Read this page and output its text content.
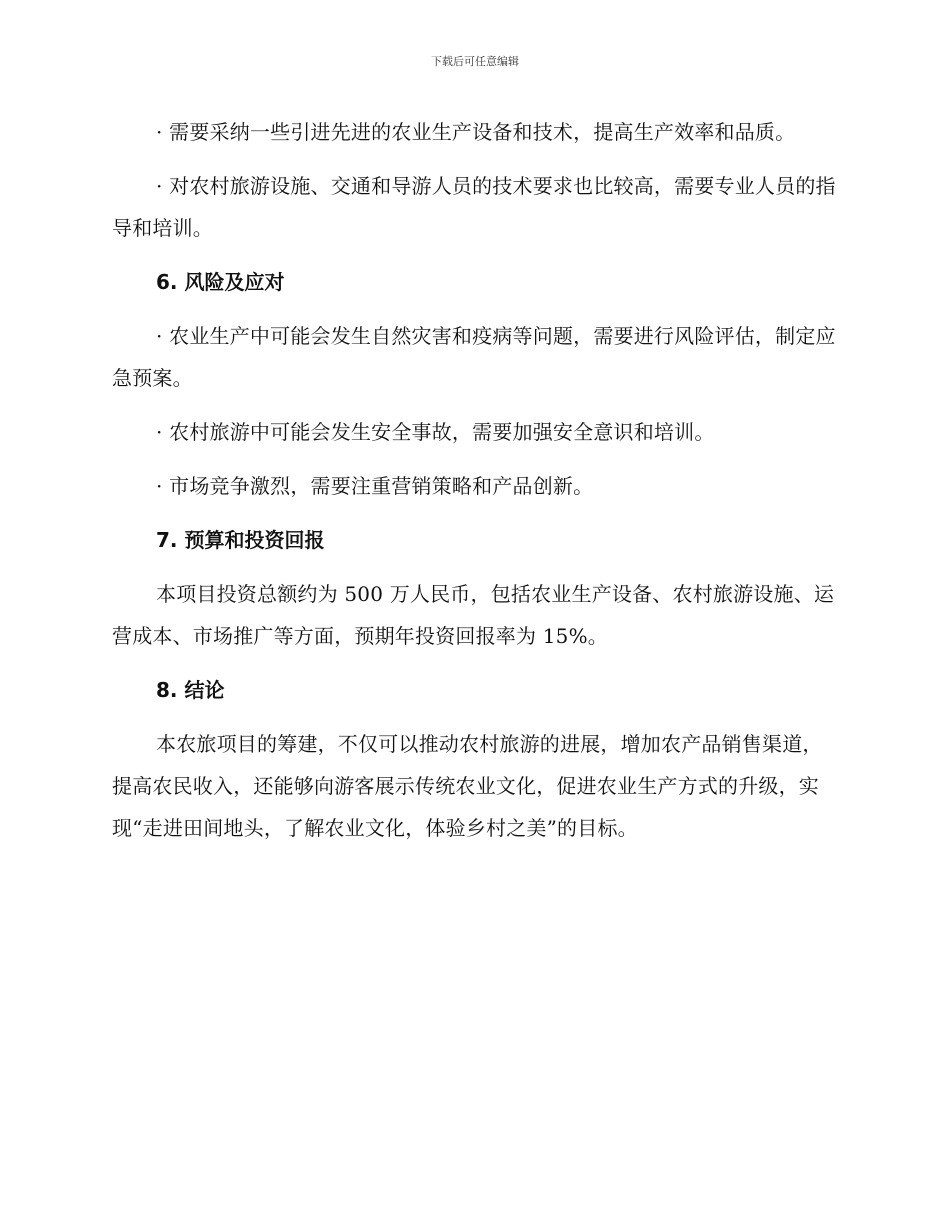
下载后可任意编辑

· 需要采纳一些引进先进的农业生产设备和技术，提高生产效率和品质。

· 对农村旅游设施、交通和导游人员的技术要求也比较高，需要专业人员的指导和培训。

6. 风险及应对

· 农业生产中可能会发生自然灾害和疫病等问题，需要进行风险评估，制定应急预案。

· 农村旅游中可能会发生安全事故，需要加强安全意识和培训。

· 市场竞争激烈，需要注重营销策略和产品创新。

7. 预算和投资回报

本项目投资总额约为 500 万人民币，包括农业生产设备、农村旅游设施、运营成本、市场推广等方面，预期年投资回报率为 15%。

8. 结论

本农旅项目的筹建，不仅可以推动农村旅游的进展，增加农产品销售渠道，提高农民收入，还能够向游客展示传统农业文化，促进农业生产方式的升级，实现“走进田间地头，了解农业文化，体验乡村之美”的目标。
